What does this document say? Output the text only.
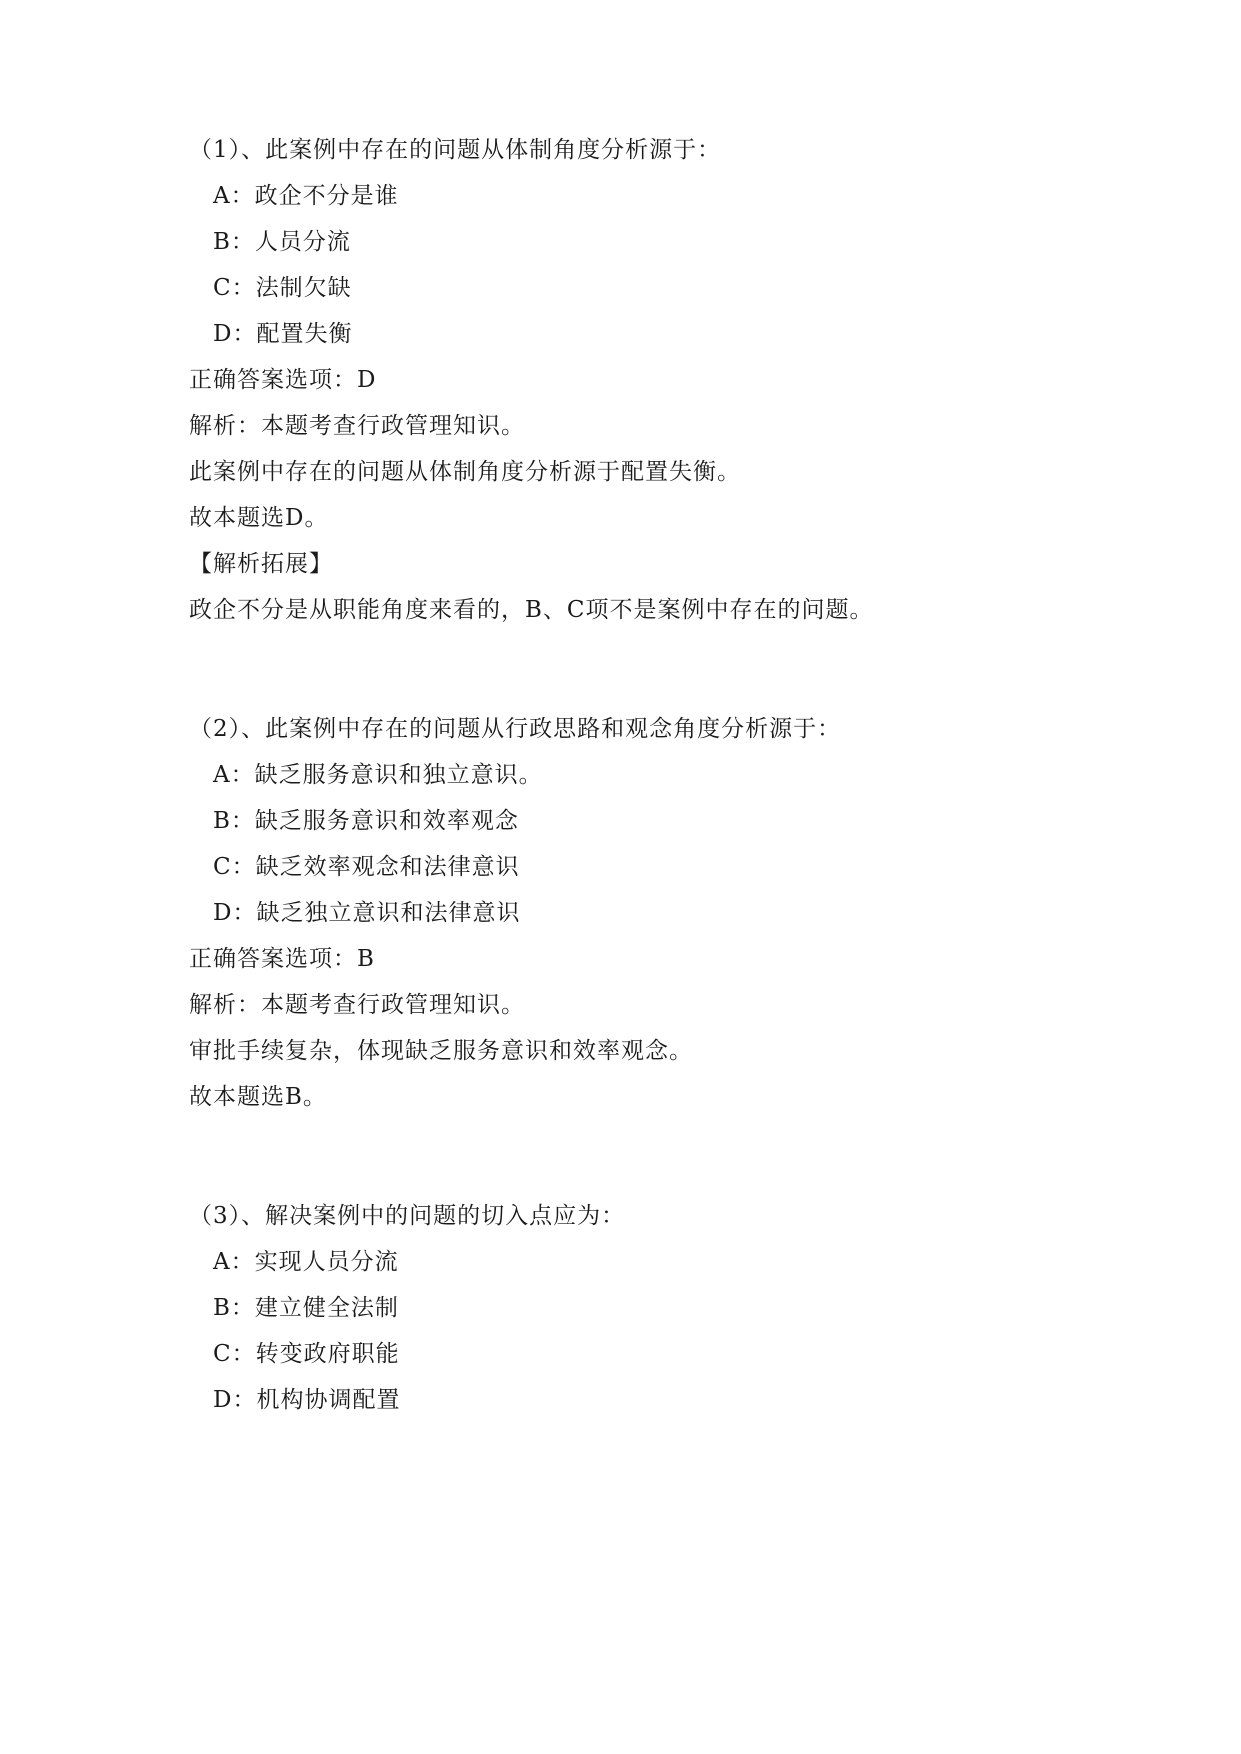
（1）、此案例中存在的问题从体制角度分析源于：
A：政企不分是谁
B：人员分流
C：法制欠缺
D：配置失衡
正确答案选项：D
解析：本题考查行政管理知识。
此案例中存在的问题从体制角度分析源于配置失衡。
故本题选D。
【解析拓展】
政企不分是从职能角度来看的，B、C项不是案例中存在的问题。
（2）、此案例中存在的问题从行政思路和观念角度分析源于：
A：缺乏服务意识和独立意识。
B：缺乏服务意识和效率观念
C：缺乏效率观念和法律意识
D：缺乏独立意识和法律意识
正确答案选项：B
解析：本题考查行政管理知识。
审批手续复杂，体现缺乏服务意识和效率观念。
故本题选B。
（3）、解决案例中的问题的切入点应为：
A：实现人员分流
B：建立健全法制
C：转变政府职能
D：机构协调配置
